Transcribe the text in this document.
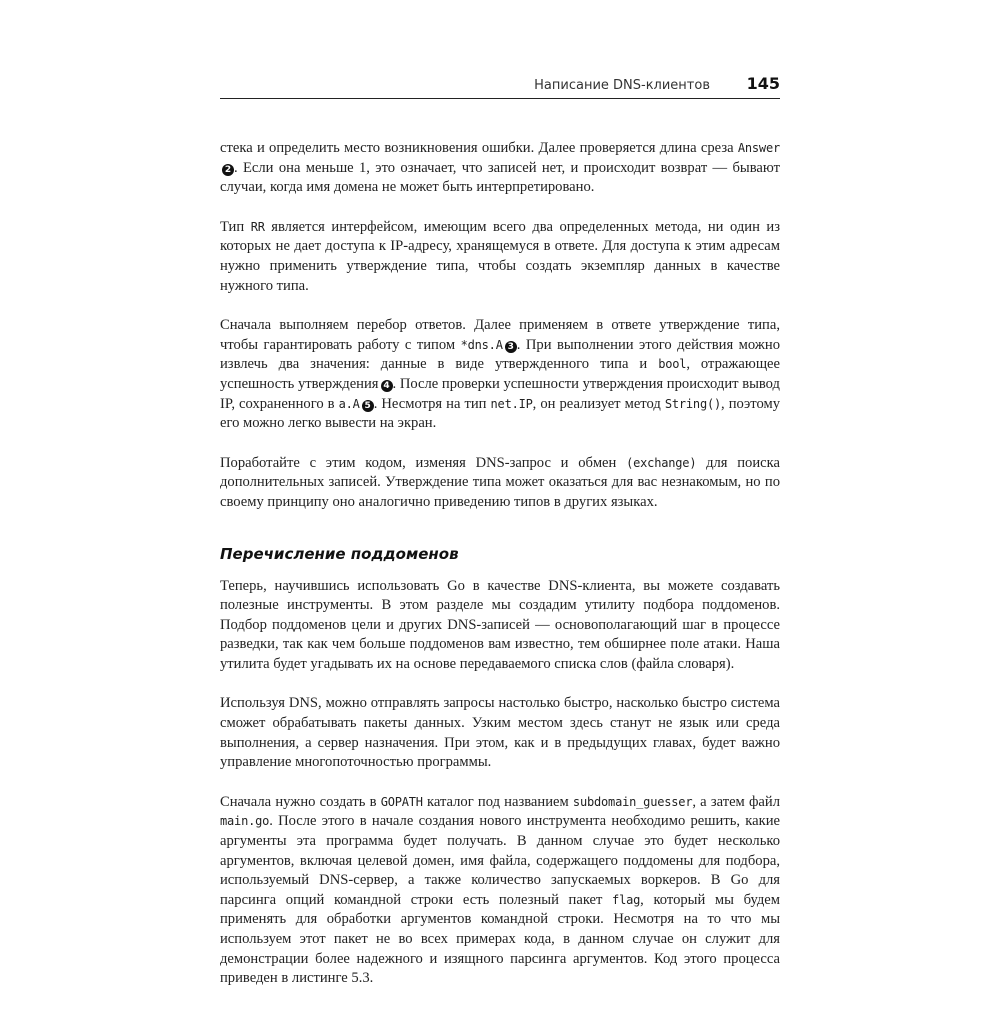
Написание DNS-клиентов 145

стека и определить место возникновения ошибки. Далее проверяется длина среза Answer2 . Если она меньше 1, это означает, что записей нет, и происходит возврат — бывают случаи, когда имя домена не может быть интерпретировано.

Тип RR является интерфейсом, имеющим всего два определенных метода, ни один из которых не дает доступа к IP-адресу, хранящемуся в ответе. Для доступа к этим адресам нужно применить утверждение типа, чтобы создать экземпляр данных в качестве нужного типа.

Сначала выполняем перебор ответов. Далее применяем в ответе утверждение типа, чтобы гарантировать работу с типом *dns.A 3 . При выполнении этого действия можно извлечь два значения: данные в виде утвержденного типа и bool, отражающее успешность утверждения 4 . После проверки успешности утверждения происходит вывод IP, сохраненного в a.A 5 . Несмотря на тип net.IP, он реализует метод String(), поэтому его можно легко вывести на экран.

Поработайте с этим кодом, изменяя DNS-запрос и обмен (exchange) для поиска дополнительных записей. Утверждение типа может оказаться для вас незнакомым, но по своему принципу оно аналогично приведению типов в других языках.

Перечисление поддоменов

Теперь, научившись использовать Go в качестве DNS-клиента, вы можете создавать полезные инструменты. В этом разделе мы создадим утилиту подбора поддоменов. Подбор поддоменов цели и других DNS-записей — основополагающий шаг в процессе разведки, так как чем больше поддоменов вам известно, тем обширнее поле атаки. Наша утилита будет угадывать их на основе передаваемого списка слов (файла словаря).

Используя DNS, можно отправлять запросы настолько быстро, насколько быстро система сможет обрабатывать пакеты данных. Узким местом здесь станут не язык или среда выполнения, а сервер назначения. При этом, как и в предыдущих главах, будет важно управление многопоточностью программы.

Сначала нужно создать в GOPATH каталог под названием subdomain_guesser, а затем файл main.go. После этого в начале создания нового инструмента необходимо решить, какие аргументы эта программа будет получать. В данном случае это будет несколько аргументов, включая целевой домен, имя файла, содержащего поддомены для подбора, используемый DNS-сервер, а также количество запускаемых воркеров. В Go для парсинга опций командной строки есть полезный пакет flag, который мы будем применять для обработки аргументов командной строки. Несмотря на то что мы используем этот пакет не во всех примерах кода, в данном случае он служит для демонстрации более надежного и изящного парсинга аргументов. Код этого процесса приведен в листинге 5.3.
